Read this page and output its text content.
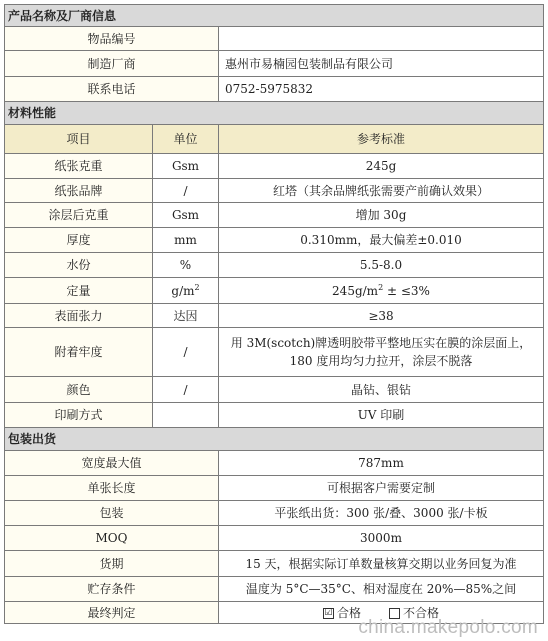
产品名称及厂商信息		
物品编号		
制造厂商		惠州市易楠园包装制品有限公司
联系电话		0752-5975832
材料性能		
项目	单位	参考标准
纸张克重	Gsm	245g
纸张品牌	/	红塔（其余品牌纸张需要产前确认效果）
涂层后克重	Gsm	增加 30g
厚度	mm	0.310mm，最大偏差±0.010
水份	%	5.5-8.0
定量	$g/m^2$	$245g/m^2 \pm \le 3\%$
表面张力	达因	≥38
附着牢度	/	用 3M(scotch)牌透明胶带平整地压实在膜的涂层面上，180 度用均匀力拉开，涂层不脱落
颜色	/	晶钻、银钻
印刷方式		UV 印刷
包装出货		
宽度最大值		787mm
单张长度		可根据客户需要定制
包装		平张纸出货：300 张/叠、3000 张/卡板
MOQ		3000m
货期		15 天，根据实际订单数量核算交期以业务回复为准
贮存条件		温度为 5°C—35°C、相对湿度在 20%—85%之间
最终判定		☑ 合格 不合格
china.makepolo.com
